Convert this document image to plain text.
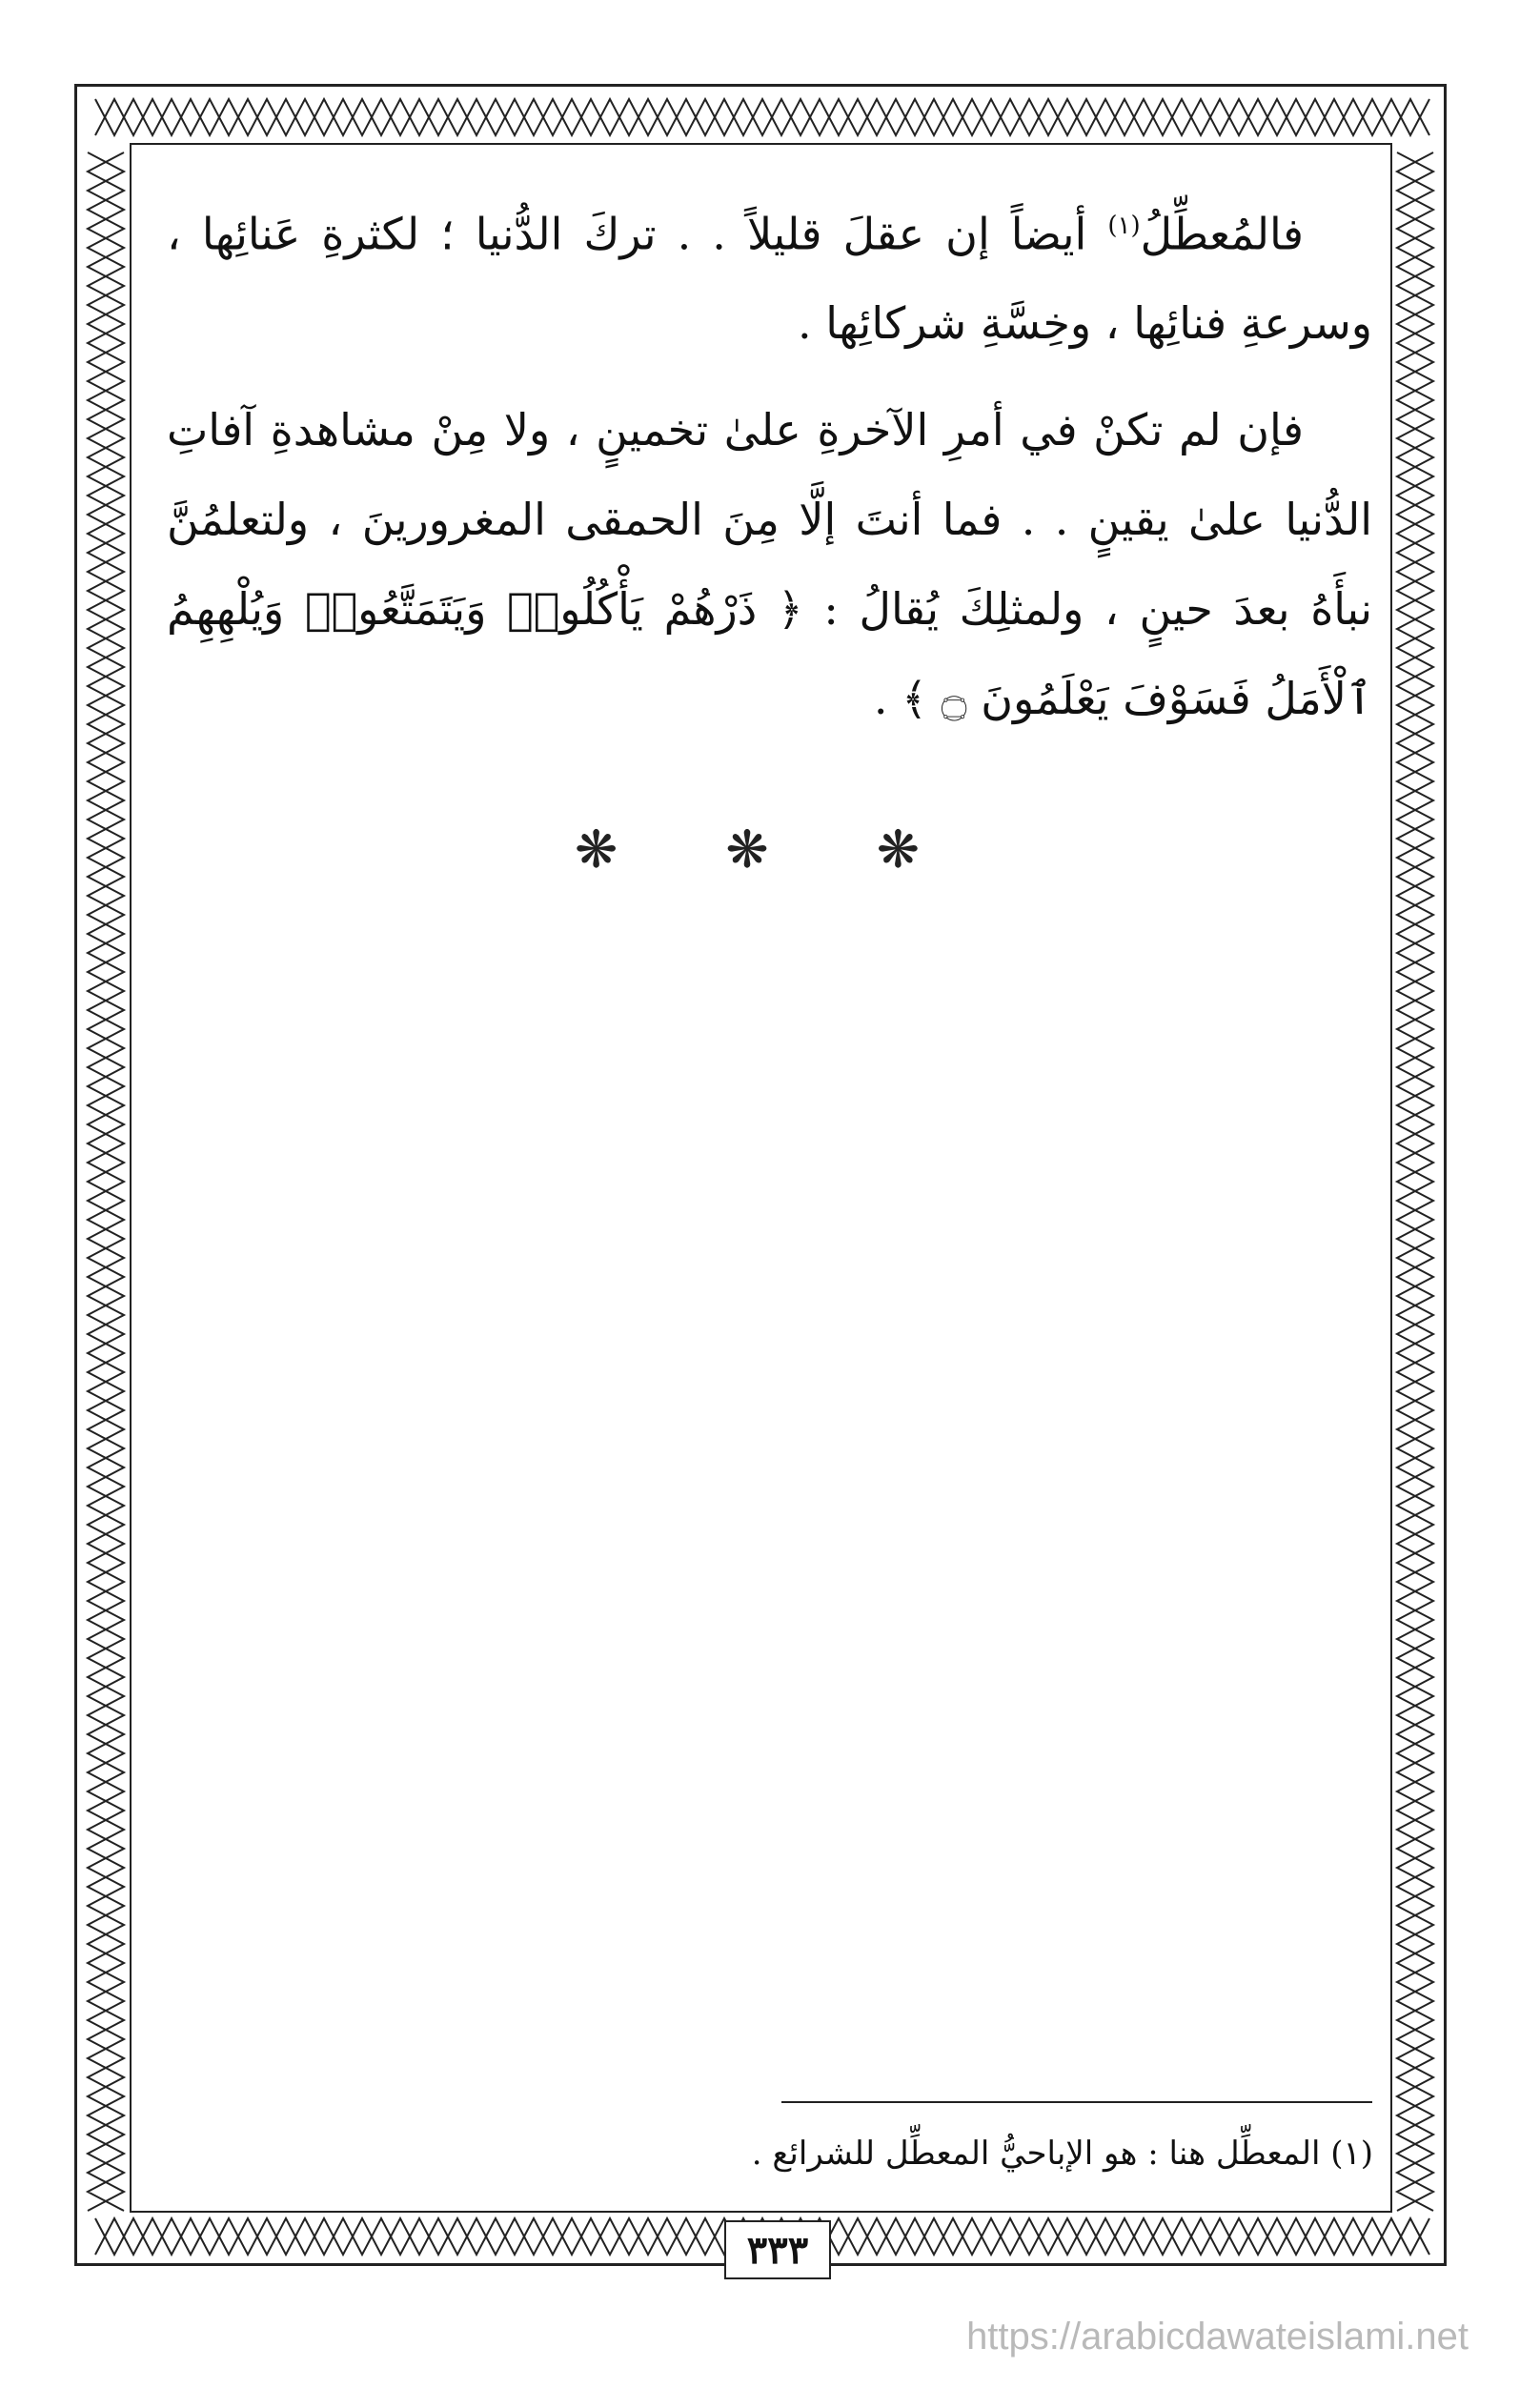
فالمُعطِّلُ$^{(١)}$ أيضاً إن عقلَ قليلاً . . تركَ الدُّنيا ؛ لكثرةِ عَنائِها ، وسرعةِ فنائِها ، وخِسَّةِ شركائِها .

فإن لم تكنْ في أمرِ الآخرةِ علىٰ تخمينٍ ، ولا مِنْ مشاهدةِ آفاتِ الدُّنيا علىٰ يقينٍ . . فما أنتَ إلَّا مِنَ الحمقى المغرورينَ ، ولتعلمُنَّ نبأَهُ بعدَ حينٍ ، ولمثلِكَ يُقالُ : ﴿ ذَرْهُمْ يَأْكُلُوا۟ وَيَتَمَتَّعُوا۟ وَيُلْهِهِمُ ٱلْأَمَلُ فَسَوْفَ يَعْلَمُونَ ۝ ﴾ .

❋ ❋ ❋
(١) المعطِّل هنا : هو الإباحيُّ المعطِّل للشرائع .
٣٣٣
https://arabicdawateislami.net
